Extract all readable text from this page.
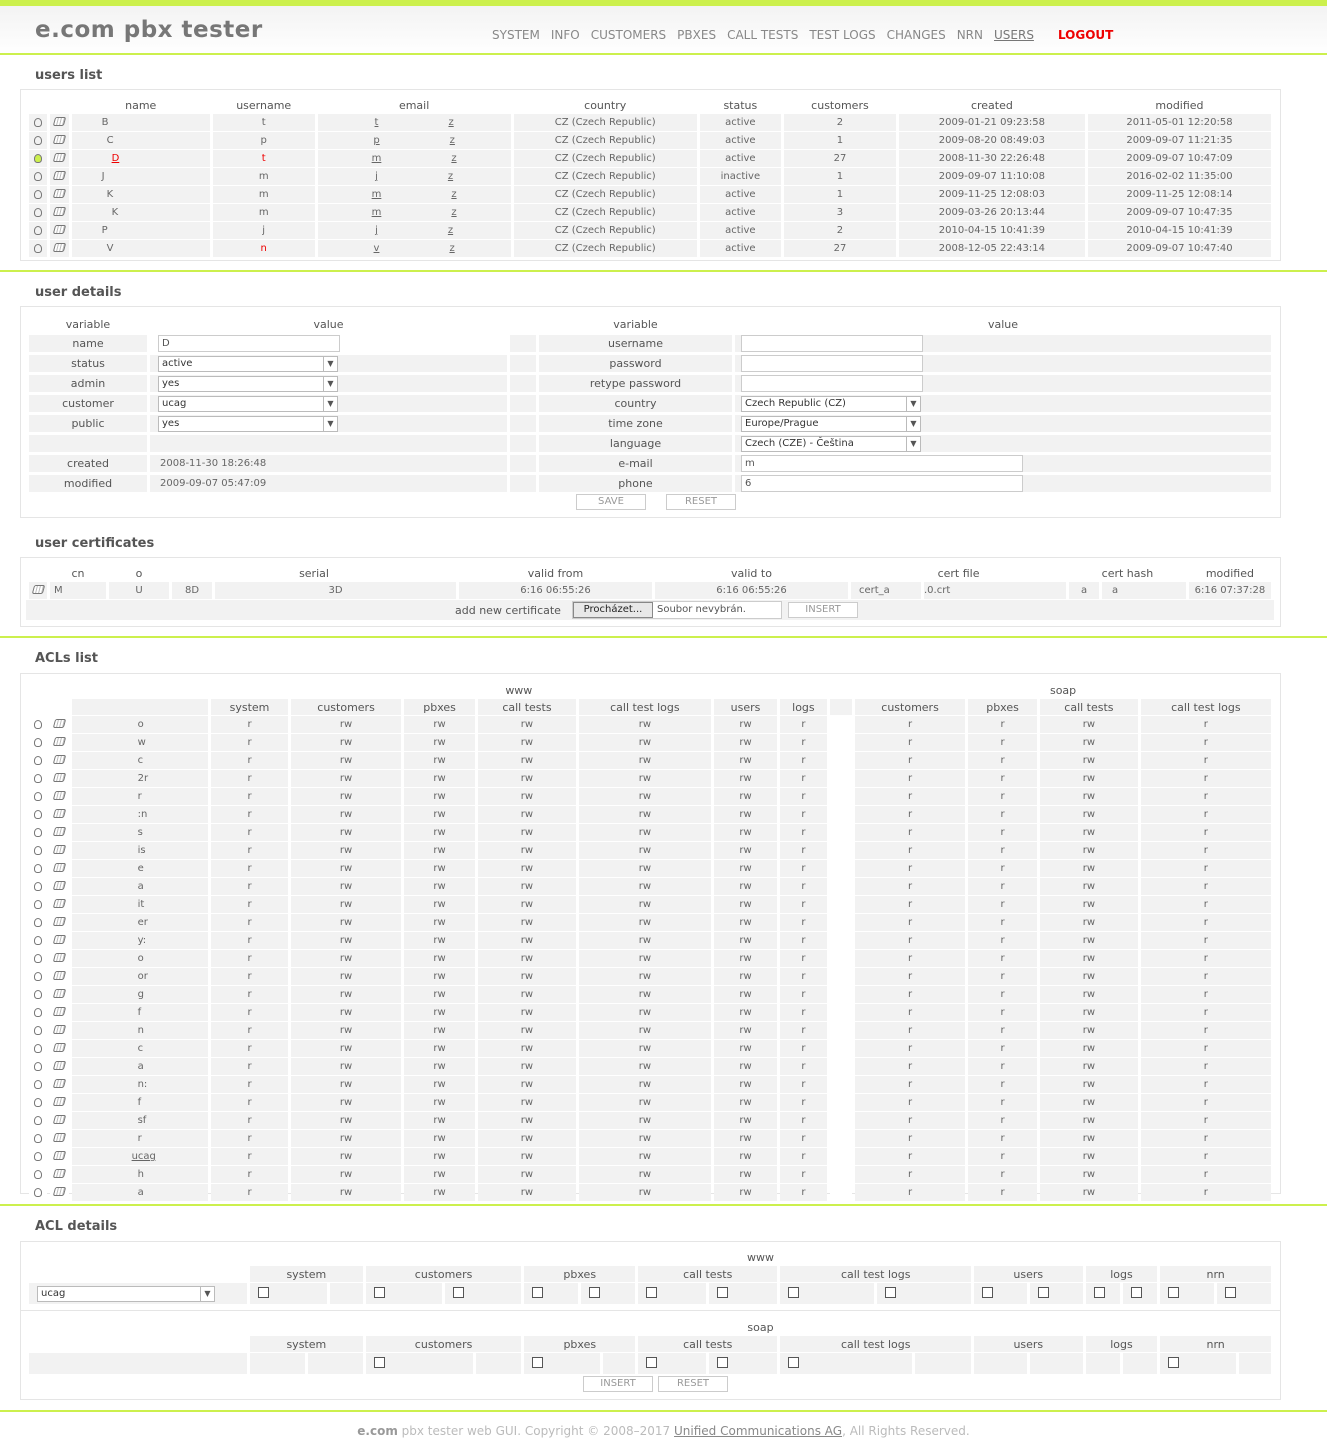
e.com pbx tester	SYSTEM INFO CUSTOMERS PBXES CALL TESTS TEST LOGS CHANGES NRN USERS LOGOUT
users list
		name	username	email	country	status	customers	created	modified
		B	t	t z	CZ (Czech Republic)	active	2	2009-01-21 09:23:58	2011-05-01 12:20:58
		C	p	p z	CZ (Czech Republic)	active	1	2009-08-20 08:49:03	2009-09-07 11:21:35
		D	t	m z	CZ (Czech Republic)	active	27	2008-11-30 22:26:48	2009-09-07 10:47:09
		J	m	j z	CZ (Czech Republic)	inactive	1	2009-09-07 11:10:08	2016-02-02 11:35:00
		K	m	m z	CZ (Czech Republic)	active	1	2009-11-25 12:08:03	2009-11-25 12:08:14
		K	m	m z	CZ (Czech Republic)	active	3	2009-03-26 20:13:44	2009-09-07 10:47:35
		P	j	j z	CZ (Czech Republic)	active	2	2010-04-15 10:41:39	2010-04-15 10:41:39
		V	n	v z	CZ (Czech Republic)	active	27	2008-12-05 22:43:14	2009-09-07 10:47:40
user details
variable	value		variable	value
name	D		username	
status	active ▼		password	
admin	yes ▼		retype password	
customer	ucag ▼		country	Czech Republic (CZ) ▼

public	yes ▼		time zone	Europe/Prague ▼

			language	Czech (CZE) - Čeština ▼

created	2008-11-30 18:26:48		e-mail	m
modified	2009-09-07 05:47:09		phone	6
SAVE	RESET
user certificates
	cn	o	serial		valid from	valid to	cert file		cert hash		modified
	M	U	8D	3D	6:16 06:55:26	6:16 06:55:26	cert_a	.0.crt	a	a	6:16 07:37:28
add new certificate	Procházet...	Soubor nevybrán.	INSERT
ACLs list
			www								soap			
			system	customers	pbxes	call tests	call test logs	users	logs		customers	pbxes	call tests	call test logs
		o	r	rw	rw	rw	rw	rw	r		r	r	rw	r
		w	r	rw	rw	rw	rw	rw	r		r	r	rw	r
		c	r	rw	rw	rw	rw	rw	r		r	r	rw	r
		2r	r	rw	rw	rw	rw	rw	r		r	r	rw	r
		r	r	rw	rw	rw	rw	rw	r		r	r	rw	r
		:n	r	rw	rw	rw	rw	rw	r		r	r	rw	r
		s	r	rw	rw	rw	rw	rw	r		r	r	rw	r
		is	r	rw	rw	rw	rw	rw	r		r	r	rw	r
		e	r	rw	rw	rw	rw	rw	r		r	r	rw	r
		a	r	rw	rw	rw	rw	rw	r		r	r	rw	r
		it	r	rw	rw	rw	rw	rw	r		r	r	rw	r
		er	r	rw	rw	rw	rw	rw	r		r	r	rw	r
		y:	r	rw	rw	rw	rw	rw	r		r	r	rw	r
		o	r	rw	rw	rw	rw	rw	r		r	r	rw	r
		or	r	rw	rw	rw	rw	rw	r		r	r	rw	r
		g	r	rw	rw	rw	rw	rw	r		r	r	rw	r
		f	r	rw	rw	rw	rw	rw	r		r	r	rw	r
		n	r	rw	rw	rw	rw	rw	r		r	r	rw	r
		c	r	rw	rw	rw	rw	rw	r		r	r	rw	r
		a	r	rw	rw	rw	rw	rw	r		r	r	rw	r
		n:	r	rw	rw	rw	rw	rw	r		r	r	rw	r
		f	r	rw	rw	rw	rw	rw	r		r	r	rw	r
		sf	r	rw	rw	rw	rw	rw	r		r	r	rw	r
		r	r	rw	rw	rw	rw	rw	r		r	r	rw	r
		ucag	r	rw	rw	rw	rw	rw	r		r	r	rw	r
		h	r	rw	rw	rw	rw	rw	r		r	r	rw	r
		a	r	rw	rw	rw	rw	rw	r		r	r	rw	r
ACL details
	www															
	system		customers		pbxes		call tests		call test logs		users		logs		nrn	

ucag ▼																

	soap															
	system		customers		pbxes		call tests		call test logs		users		logs		nrn	

INSERT	RESET
e.com pbx tester web GUI. Copyright © 2008–2017 Unified Communications AG, All Rights Reserved.
